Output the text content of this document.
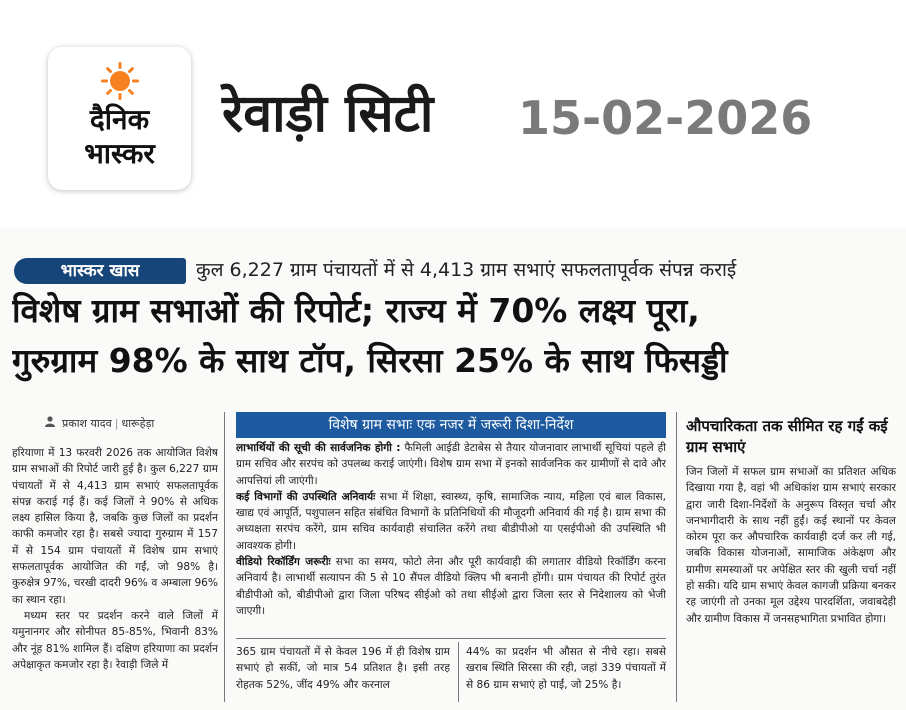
दैनिक
भास्कर
रेवाड़ी सिटी 15-02-2026
भास्कर खास	कुल 6,227 ग्राम पंचायतों में से 4,413 ग्राम सभाएं सफलतापूर्वक संपन्न कराई
विशेष ग्राम सभाओं की रिपोर्ट; राज्य में 70% लक्ष्य पूरा,
गुरुग्राम 98% के साथ टॉप, सिरसा 25% के साथ फिसड्डी
प्रकाश यादव | धारूहेड़ा
हरियाणा में 13 फरवरी 2026 तक आयोजित विशेष ग्राम सभाओं की रिपोर्ट जारी हुई है। कुल 6,227 ग्राम पंचायतों में से 4,413 ग्राम सभाएं सफलतापूर्वक संपन्न कराई गई हैं। कई जिलों ने 90% से अधिक लक्ष्य हासिल किया है, जबकि कुछ जिलों का प्रदर्शन काफी कमजोर रहा है। सबसे ज्यादा गुरुग्राम में 157 में से 154 ग्राम पंचायतों में विशेष ग्राम सभाएं सफलतापूर्वक आयोजित की गईं, जो 98% है। कुरुक्षेत्र 97%, चरखी दादरी 96% व अम्बाला 96% का स्थान रहा।
मध्यम स्तर पर प्रदर्शन करने वाले जिलों में यमुनानगर और सोनीपत 85-85%, भिवानी 83% और नूंह 81% शामिल हैं। दक्षिण हरियाणा का प्रदर्शन अपेक्षाकृत कमजोर रहा है। रेवाड़ी जिले में
विशेष ग्राम सभाः एक नजर में जरूरी दिशा-निर्देश
लाभार्थियों की सूची की सार्वजनिक होगी : फैमिली आईडी डेटाबेस से तैयार योजनावार लाभार्थी सूचियां पहले ही ग्राम सचिव और सरपंच को उपलब्ध कराई जाएंगी। विशेष ग्राम सभा में इनको सार्वजनिक कर ग्रामीणों से दावे और आपत्तियां ली जाएंगी।
कई विभागों की उपस्थिति अनिवार्यः सभा में शिक्षा, स्वास्थ्य, कृषि, सामाजिक न्याय, महिला एवं बाल विकास, खाद्य एवं आपूर्ति, पशुपालन सहित संबंधित विभागों के प्रतिनिधियों की मौजूदगी अनिवार्य की गई है। ग्राम सभा की अध्यक्षता सरपंच करेंगे, ग्राम सचिव कार्यवाही संचालित करेंगे तथा बीडीपीओ या एसईपीओ की उपस्थिति भी आवश्यक होगी।
वीडियो रिकॉर्डिंग जरूरीः सभा का समय, फोटो लेना और पूरी कार्यवाही की लगातार वीडियो रिकॉर्डिंग करना अनिवार्य है। लाभार्थी सत्यापन की 5 से 10 सैंपल वीडियो क्लिप भी बनानी होंगी। ग्राम पंचायत की रिपोर्ट तुरंत बीडीपीओ को, बीडीपीओ द्वारा जिला परिषद सीईओ को तथा सीईओ द्वारा जिला स्तर से निदेशालय को भेजी जाएगी।
365 ग्राम पंचायतों में से केवल 196 में ही विशेष ग्राम सभाएं हो सकीं, जो मात्र 54 प्रतिशत है। इसी तरह रोहतक 52%, जींद 49% और करनाल
44% का प्रदर्शन भी औसत से नीचे रहा। सबसे खराब स्थिति सिरसा की रही, जहां 339 पंचायतों में से 86 ग्राम सभाएं हो पाईं, जो 25% है।
औपचारिकता तक सीमित रह गईं कई ग्राम सभाएं
जिन जिलों में सफल ग्राम सभाओं का प्रतिशत अधिक दिखाया गया है, वहां भी अधिकांश ग्राम सभाएं सरकार द्वारा जारी दिशा-निर्देशों के अनुरूप विस्तृत चर्चा और जनभागीदारी के साथ नहीं हुईं। कई स्थानों पर केवल कोरम पूरा कर औपचारिक कार्यवाही दर्ज कर ली गई, जबकि विकास योजनाओं, सामाजिक अंकेक्षण और ग्रामीण समस्याओं पर अपेक्षित स्तर की खुली चर्चा नहीं हो सकी। यदि ग्राम सभाएं केवल कागजी प्रक्रिया बनकर रह जाएंगी तो उनका मूल उद्देश्य पारदर्शिता, जवाबदेही और ग्रामीण विकास में जनसहभागिता प्रभावित होगा।
